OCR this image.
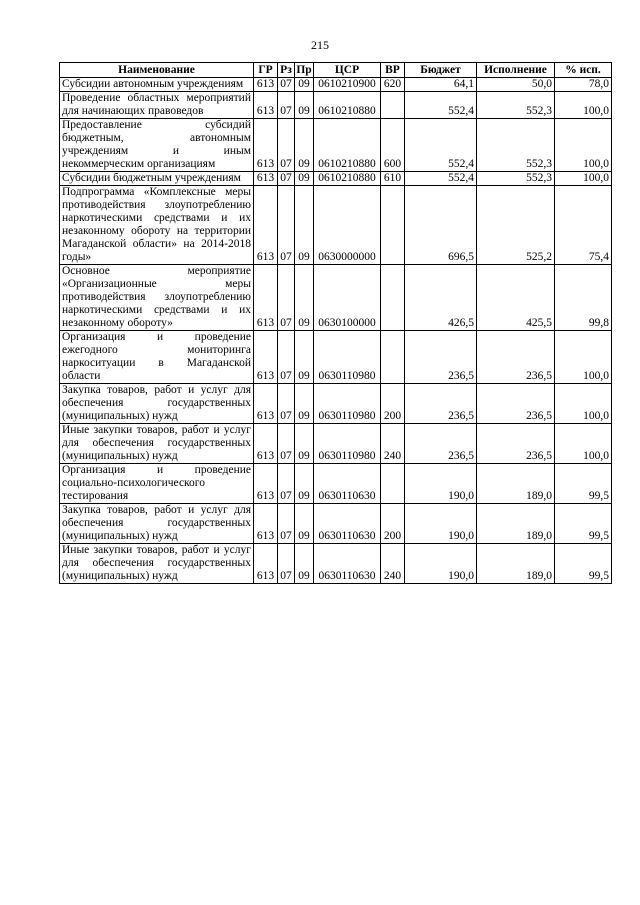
215
Наименование	ГР	Рз	Пр	ЦСР	ВР	Бюджет	Исполнение	% исп.
Субсидии автономным учреждениям	613	07	09	0610210900	620	64,1	50,0	78,0
Проведение областных мероприятий для начинающих правоведов	613	07	09	0610210880		552,4	552,3	100,0
Предоставление субсидий бюджетным, автономным учреждениям и иным некоммерческим организациям	613	07	09	0610210880	600	552,4	552,3	100,0
Субсидии бюджетным учреждениям	613	07	09	0610210880	610	552,4	552,3	100,0
Подпрограмма «Комплексные меры противодействия злоупотреблению наркотическими средствами и их незаконному обороту на территории Магаданской области» на 2014-2018 годы»	613	07	09	0630000000		696,5	525,2	75,4
Основное мероприятие «Организационные меры противодействия злоупотреблению наркотическими средствами и их незаконному обороту»	613	07	09	0630100000		426,5	425,5	99,8
Организация и проведение ежегодного мониторинга наркоситуации в Магаданской области	613	07	09	0630110980		236,5	236,5	100,0
Закупка товаров, работ и услуг для обеспечения государственных (муниципальных) нужд	613	07	09	0630110980	200	236,5	236,5	100,0
Иные закупки товаров, работ и услуг для обеспечения государственных (муниципальных) нужд	613	07	09	0630110980	240	236,5	236,5	100,0
Организация и проведение социально-психологического тестирования	613	07	09	0630110630		190,0	189,0	99,5
Закупка товаров, работ и услуг для обеспечения государственных (муниципальных) нужд	613	07	09	0630110630	200	190,0	189,0	99,5
Иные закупки товаров, работ и услуг для обеспечения государственных (муниципальных) нужд	613	07	09	0630110630	240	190,0	189,0	99,5
